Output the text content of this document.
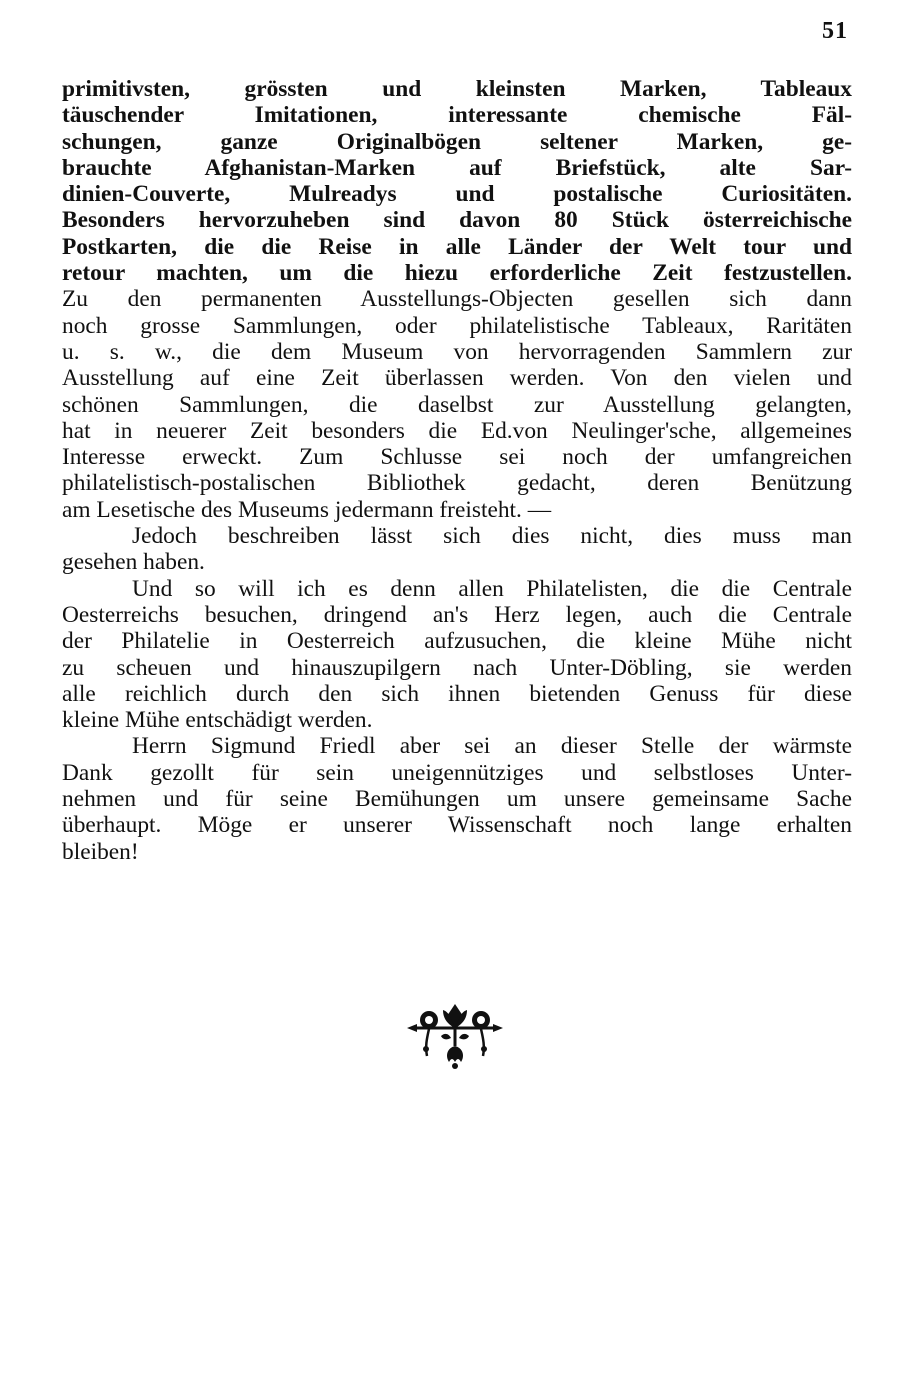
51
primitivsten, grössten und kleinsten Marken, Tableaux
täuschender Imitationen, interessante chemische Fäl-
schungen, ganze Originalbögen seltener Marken, ge-
brauchte Afghanistan-Marken auf Briefstück, alte Sar-
dinien-Couverte, Mulreadys und postalische Curiositäten.
Besonders hervorzuheben sind davon 80 Stück österreichische
Postkarten, die die Reise in alle Länder der Welt tour und
retour machten, um die hiezu erforderliche Zeit festzustellen.
Zu den permanenten Ausstellungs-Objecten gesellen sich dann
noch grosse Sammlungen, oder philatelistische Tableaux, Raritäten
u. s. w., die dem Museum von hervorragenden Sammlern zur
Ausstellung auf eine Zeit überlassen werden. Von den vielen und
schönen Sammlungen, die daselbst zur Ausstellung gelangten,
hat in neuerer Zeit besonders die Ed.von Neulinger'sche, allgemeines
Interesse erweckt. Zum Schlusse sei noch der umfangreichen
philatelistisch-postalischen Bibliothek gedacht, deren Benützung
am Lesetische des Museums jedermann freisteht. —
Jedoch beschreiben lässt sich dies nicht, dies muss man
gesehen haben.
Und so will ich es denn allen Philatelisten, die die Centrale
Oesterreichs besuchen, dringend an's Herz legen, auch die Centrale
der Philatelie in Oesterreich aufzusuchen, die kleine Mühe nicht
zu scheuen und hinauszupilgern nach Unter-Döbling, sie werden
alle reichlich durch den sich ihnen bietenden Genuss für diese
kleine Mühe entschädigt werden.
Herrn Sigmund Friedl aber sei an dieser Stelle der wärmste
Dank gezollt für sein uneigennütziges und selbstloses Unter-
nehmen und für seine Bemühungen um unsere gemeinsame Sache
überhaupt. Möge er unserer Wissenschaft noch lange erhalten
bleiben!
